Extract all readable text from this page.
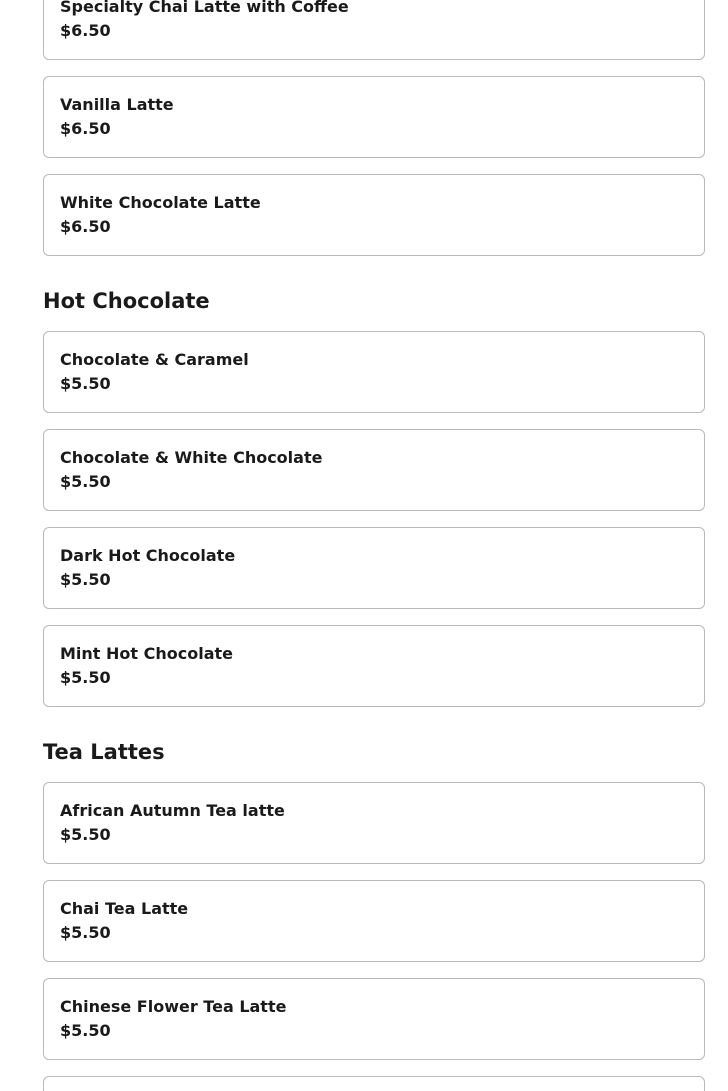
Specialty Chai Latte with Coffee
$6.50
Vanilla Latte
$6.50
White Chocolate Latte
$6.50
Hot Chocolate
Chocolate & Caramel
$5.50
Chocolate & White Chocolate
$5.50
Dark Hot Chocolate
$5.50
Mint Hot Chocolate
$5.50
Tea Lattes
African Autumn Tea latte
$5.50
Chai Tea Latte
$5.50
Chinese Flower Tea Latte
$5.50
